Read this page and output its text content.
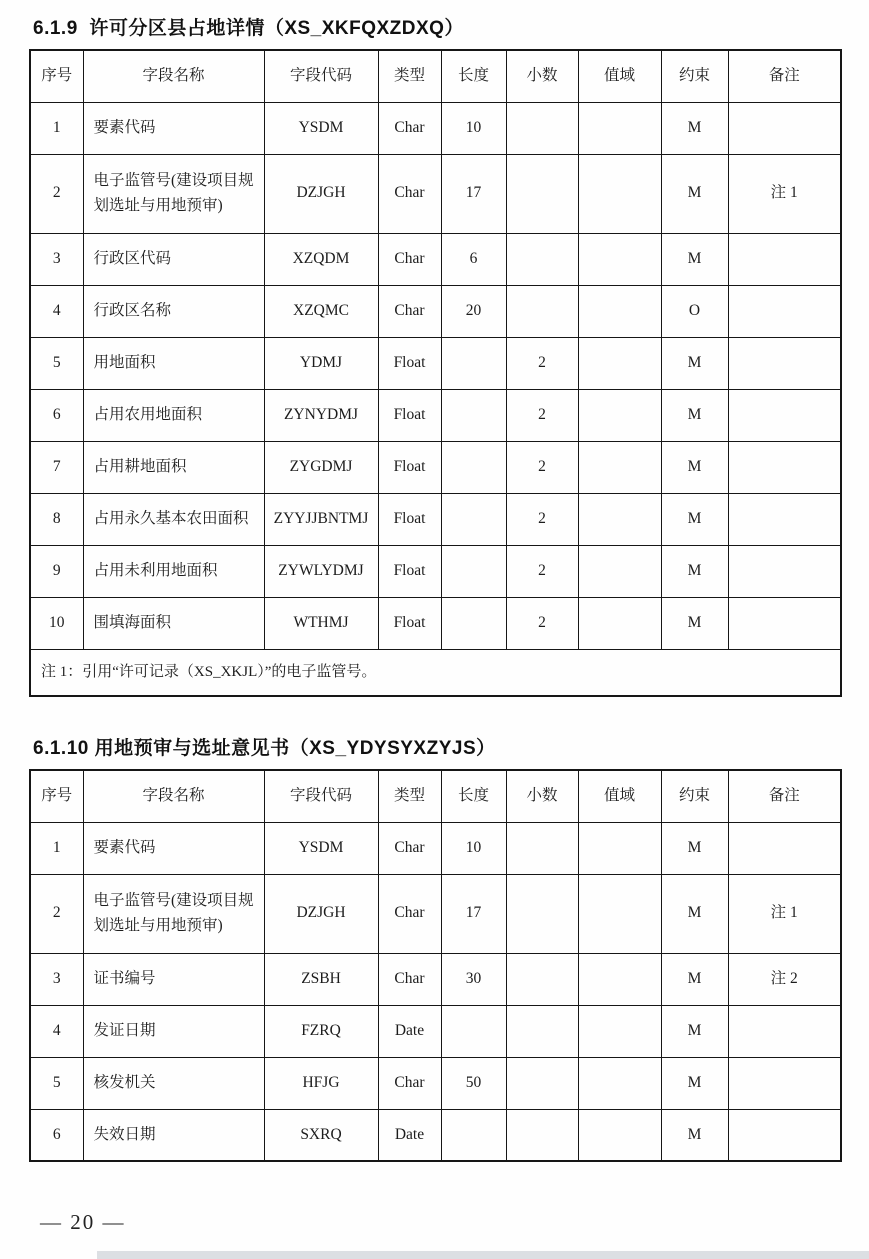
6.1.9  许可分区县占地详情（XS_XKFQXZDXQ）
序号	字段名称	字段代码	类型	长度	小数	值域	约束	备注
1	要素代码	YSDM	Char	10			M	
2	电子监管号(建设项目规划选址与用地预审)	DZJGH	Char	17			M	注 1
3	行政区代码	XZQDM	Char	6			M	
4	行政区名称	XZQMC	Char	20			O	
5	用地面积	YDMJ	Float		2		M	
6	占用农用地面积	ZYNYDMJ	Float		2		M	
7	占用耕地面积	ZYGDMJ	Float		2		M	
8	占用永久基本农田面积	ZYYJJBNTMJ	Float		2		M	
9	占用未利用地面积	ZYWLYDMJ	Float		2		M	
10	围填海面积	WTHMJ	Float		2		M	
注 1：引用“许可记录（XS_XKJL）”的电子监管号。								
6.1.10 用地预审与选址意见书（XS_YDYSYXZYJS）
序号	字段名称	字段代码	类型	长度	小数	值域	约束	备注
1	要素代码	YSDM	Char	10			M	
2	电子监管号(建设项目规划选址与用地预审)	DZJGH	Char	17			M	注 1
3	证书编号	ZSBH	Char	30			M	注 2
4	发证日期	FZRQ	Date				M	
5	核发机关	HFJG	Char	50			M	
6	失效日期	SXRQ	Date				M	
— 20 —
